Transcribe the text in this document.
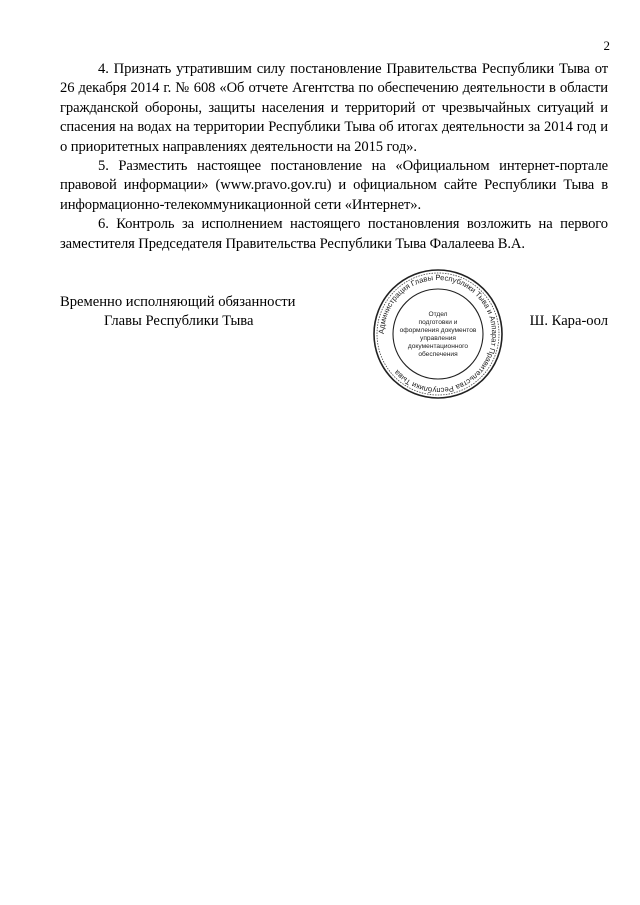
2

4. Признать утратившим силу постановление Правительства Республики Тыва от 26 декабря 2014 г. № 608 «Об отчете Агентства по обеспечению деятельности в области гражданской обороны, защиты населения и территорий от чрезвычайных ситуаций и спасения на водах на территории Республики Тыва об итогах деятельности за 2014 год и о приоритетных направлениях деятельности на 2015 год».

5. Разместить настоящее постановление на «Официальном интернет-портале правовой информации» (www.pravo.gov.ru) и официальном сайте Республики Тыва в информационно-телекоммуникационной сети «Интернет».

6. Контроль за исполнением настоящего постановления возложить на первого заместителя Председателя Правительства Республики Тыва Фалалеева В.А.

Временно исполняющий обязанности
Главы Республики Тыва
Администрация Главы Республики Тыва и Аппарат Правительства Республики Тыва
Отдел
подготовки и
оформления документов
управления
документационного
обеспечения
Ш. Кара-оол
